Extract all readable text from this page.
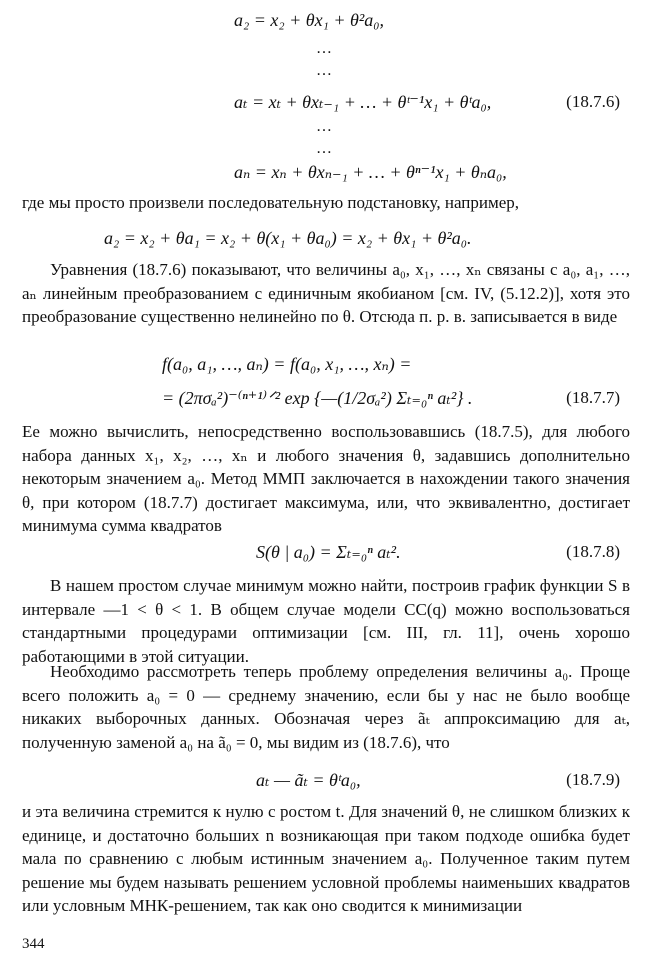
a₂ = x₂ + θx₁ + θ²a₀,
…
…
aₜ = xₜ + θxₜ₋₁ + … + θᵗ⁻¹x₁ + θᵗa₀,	(18.7.6)
…
…
aₙ = xₙ + θxₙ₋₁ + … + θⁿ⁻¹x₁ + θₙa₀,
где мы просто произвели последовательную подстановку, например,
a₂ = x₂ + θa₁ = x₂ + θ(x₁ + θa₀) = x₂ + θx₁ + θ²a₀.
Уравнения (18.7.6) показывают, что величины a₀, x₁, …, xₙ связаны с a₀, a₁, …, aₙ линейным преобразованием с единичным якобианом [см. IV, (5.12.2)], хотя это преобразование существенно нелинейно по θ. Отсюда п. р. в. записывается в виде
f(a₀, a₁, …, aₙ) = f(a₀, x₁, …, xₙ) =
= (2πσₐ²)⁻⁽ⁿ⁺¹⁾ᐟ² exp {—(1/2σₐ²) Σₜ₌₀ⁿ aₜ²} .	(18.7.7)
Ее можно вычислить, непосредственно воспользовавшись (18.7.5), для любого набора данных x₁, x₂, …, xₙ и любого значения θ, задавшись дополнительно некоторым значением a₀. Метод ММП заключается в нахождении такого значения θ, при котором (18.7.7) достигает максимума, или, что эквивалентно, достигает минимума сумма квадратов
S(θ | a₀) = Σₜ₌₀ⁿ aₜ².	(18.7.8)
В нашем простом случае минимум можно найти, построив график функции S в интервале —1 < θ < 1. В общем случае модели CC(q) можно воспользоваться стандартными процедурами оптимизации [см. III, гл. 11], очень хорошо работающими в этой ситуации.
Необходимо рассмотреть теперь проблему определения величины a₀. Проще всего положить a₀ = 0 — среднему значению, если бы у нас не было вообще никаких выборочных данных. Обозначая через ãₜ аппроксимацию для aₜ, полученную заменой a₀ на ã₀ = 0, мы видим из (18.7.6), что
aₜ — ãₜ = θᵗa₀,	(18.7.9)
и эта величина стремится к нулю с ростом t. Для значений θ, не слишком близких к единице, и достаточно больших n возникающая при таком подходе ошибка будет мала по сравнению с любым истинным значением a₀. Полученное таким путем решение мы будем называть решением условной проблемы наименьших квадратов или условным МНК-решением, так как оно сводится к минимизации
344
